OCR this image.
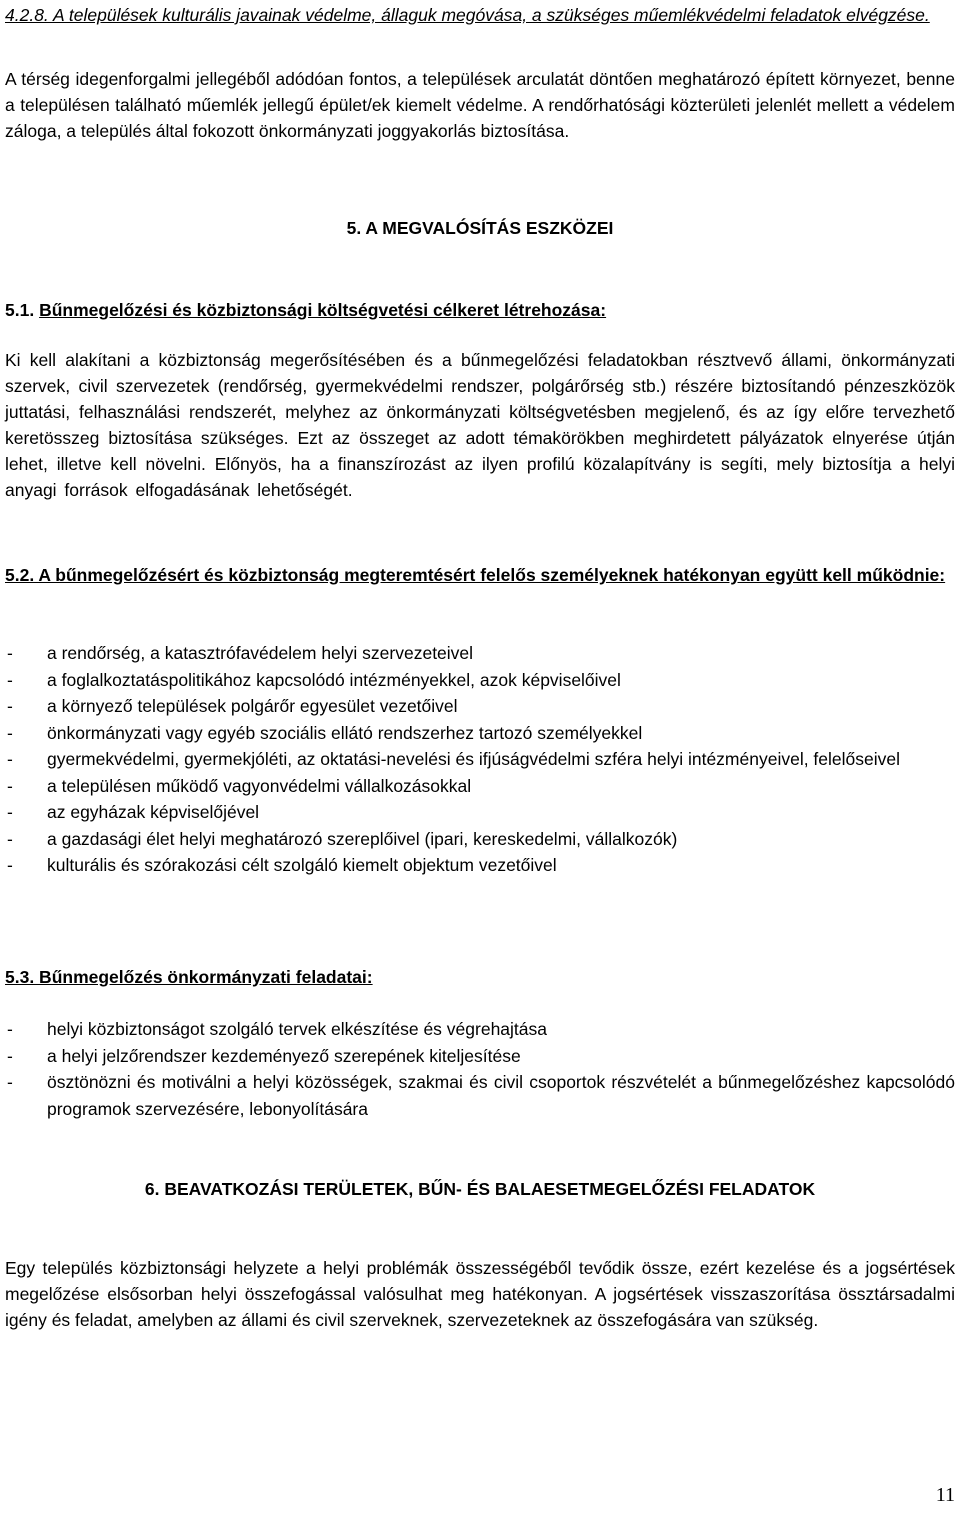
4.2.8. A települések kulturális javainak védelme, állaguk megóvása, a szükséges műemlékvédelmi feladatok elvégzése.

A térség idegenforgalmi jellegéből adódóan fontos, a települések arculatát döntően meghatározó épített környezet, benne a településen található műemlék jellegű épület/ek kiemelt védelme. A rendőrhatósági közterületi jelenlét mellett a védelem záloga, a település által fokozott önkormányzati joggyakorlás biztosítása.

5. A MEGVALÓSÍTÁS ESZKÖZEI
5.1. Bűnmegelőzési és közbiztonsági költségvetési célkeret létrehozása:

Ki kell alakítani a közbiztonság megerősítésében és a bűnmegelőzési feladatokban résztvevő állami, önkormányzati szervek, civil szervezetek (rendőrség, gyermekvédelmi rendszer, polgárőrség stb.) részére biztosítandó pénzeszközök juttatási, felhasználási rendszerét, melyhez az önkormányzati költségvetésben megjelenő, és az így előre tervezhető keretösszeg biztosítása szükséges. Ezt az összeget az adott témakörökben meghirdetett pályázatok elnyerése útján lehet, illetve kell növelni. Előnyös, ha a finanszírozást az ilyen profilú közalapítvány is segíti, mely biztosítja a helyi anyagi források elfogadásának lehetőségét.

5.2. A bűnmegelőzésért és közbiztonság megteremtésért felelős személyeknek hatékonyan együtt kell működnie:
- a rendőrség, a katasztrófavédelem helyi szervezeteivel
- a foglalkoztatáspolitikához kapcsolódó intézményekkel, azok képviselőivel
- a környező települések polgárőr egyesület vezetőivel
- önkormányzati vagy egyéb szociális ellátó rendszerhez tartozó személyekkel
- gyermekvédelmi, gyermekjóléti, az oktatási-nevelési és ifjúságvédelmi szféra helyi intézményeivel, felelőseivel
- a településen működő vagyonvédelmi vállalkozásokkal
- az egyházak képviselőjével
- a gazdasági élet helyi meghatározó szereplőivel (ipari, kereskedelmi, vállalkozók)
- kulturális és szórakozási célt szolgáló kiemelt objektum vezetőivel
5.3. Bűnmegelőzés önkormányzati feladatai:
- helyi közbiztonságot szolgáló tervek elkészítése és végrehajtása
- a helyi jelzőrendszer kezdeményező szerepének kiteljesítése
- ösztönözni és motiválni a helyi közösségek, szakmai és civil csoportok részvételét a bűnmegelőzéshez kapcsolódó programok szervezésére, lebonyolítására
6. BEAVATKOZÁSI TERÜLETEK, BŰN- ÉS BALAESETMEGELŐZÉSI FELADATOK

Egy település közbiztonsági helyzete a helyi problémák összességéből tevődik össze, ezért kezelése és a jogsértések megelőzése elsősorban helyi összefogással valósulhat meg hatékonyan. A jogsértések visszaszorítása össztársadalmi igény és feladat, amelyben az állami és civil szerveknek, szervezeteknek az összefogására van szükség.

11
